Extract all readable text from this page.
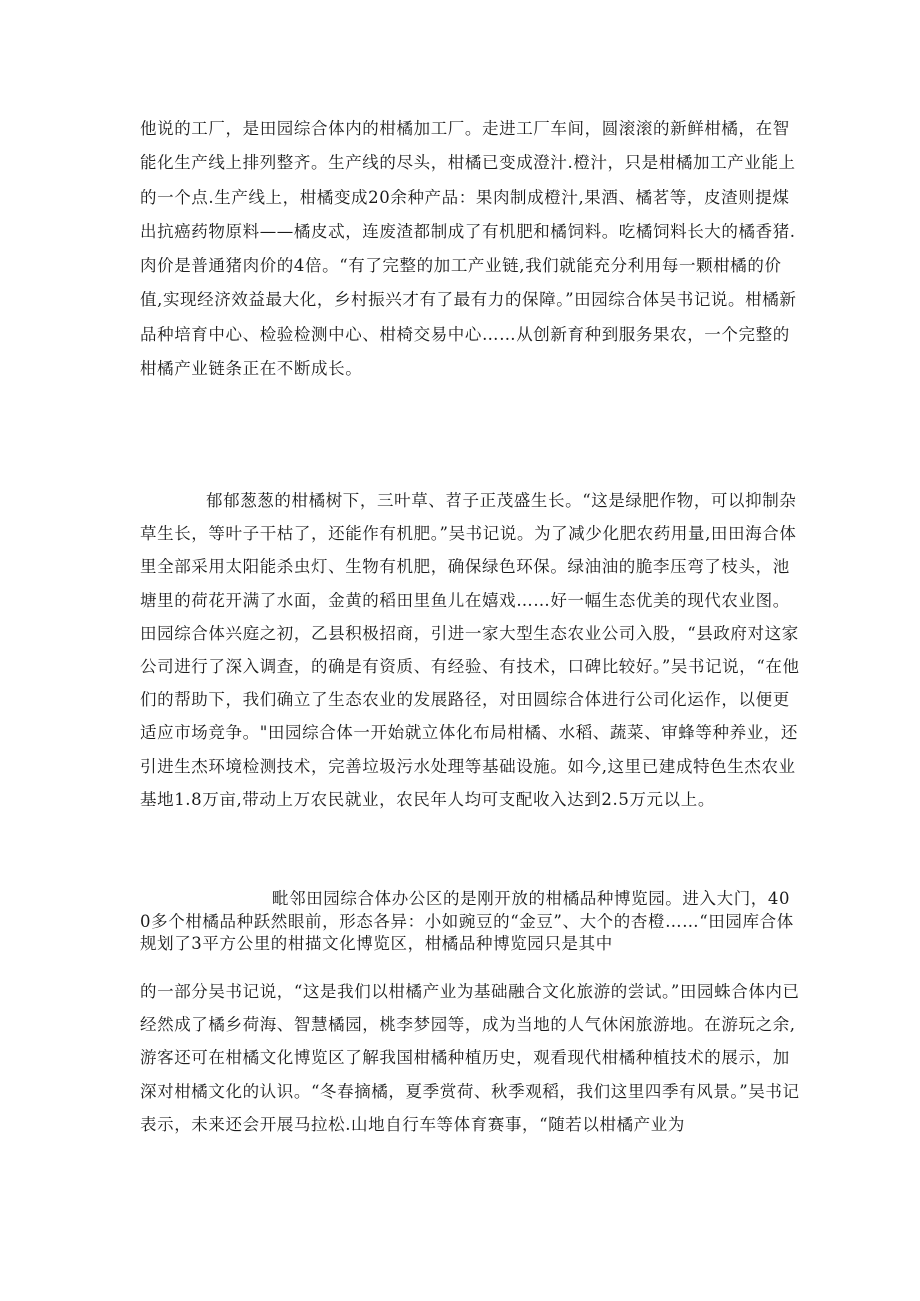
他说的工厂，是田园综合体内的柑橘加工厂。走进工厂车间，圆滚滚的新鲜柑橘，在智能化生产线上排列整齐。生产线的尽头，柑橘已变成澄汁.橙汁，只是柑橘加工产业能上的一个点.生产线上，柑橘变成20余种产品：果肉制成橙汁,果酒、橘茗等，皮渣则提煤出抗癌药物原料——橘皮忒，连废渣都制成了有机肥和橘饲料。吃橘饲料长大的橘香猪.肉价是普通猪肉价的4倍。“有了完整的加工产业链,我们就能充分利用每一颗柑橘的价值,实现经济效益最大化，乡村振兴才有了最有力的保障。”田园综合体吴书记说。柑橘新品种培育中心、检验检测中心、柑椅交易中心……从创新育种到服务果农，一个完整的柑橘产业链条正在不断成长。

郁郁葱葱的柑橘树下，三叶草、苕子正茂盛生长。“这是绿肥作物，可以抑制杂草生长，等叶子干枯了，还能作有机肥。”吴书记说。为了减少化肥农药用量,田田海合体里全部采用太阳能杀虫灯、生物有机肥，确保绿色环保。绿油油的脆李压弯了枝头，池塘里的荷花开满了水面，金黄的稻田里鱼儿在嬉戏……好一幅生态优美的现代农业图。田园综合体兴庭之初，乙县积极招商，引进一家大型生态农业公司入股，“县政府对这家公司进行了深入调查，的确是有资质、有经验、有技术，口碑比较好。”吴书记说，“在他们的帮助下，我们确立了生态农业的发展路径，对田圆综合体进行公司化运作，以便更适应市场竞争。"田园综合体一开始就立体化布局柑橘、水稻、蔬菜、审蜂等种养业，还引进生杰环境检测技术，完善垃圾污水处理等基础设施。如今,这里已建成特色生杰农业基地1.8万亩,带动上万农民就业，农民年人均可支配收入达到2.5万元以上。

毗邻田园综合体办公区的是刚开放的柑橘品种博览园。进入大门，400多个柑橘品种跃然眼前，形态各异：小如豌豆的“金豆”、大个的杏橙……“田园库合体规划了3平方公里的柑描文化博览区，柑橘品种博览园只是其中

的一部分吴书记说，“这是我们以柑橘产业为基础融合文化旅游的尝试。”田园蛛合体内已经然成了橘乡荷海、智慧橘园，桃李梦园等，成为当地的人气休闲旅游地。在游玩之余,游客还可在柑橘文化博览区了解我国柑橘种植历史，观看现代柑橘种植技术的展示，加深对柑橘文化的认识。“冬春摘橘，夏季赏荷、秋季观稻，我们这里四季有风景。”吴书记表示，未来还会开展马拉松.山地自行车等体育赛事，“随若以柑橘产业为
